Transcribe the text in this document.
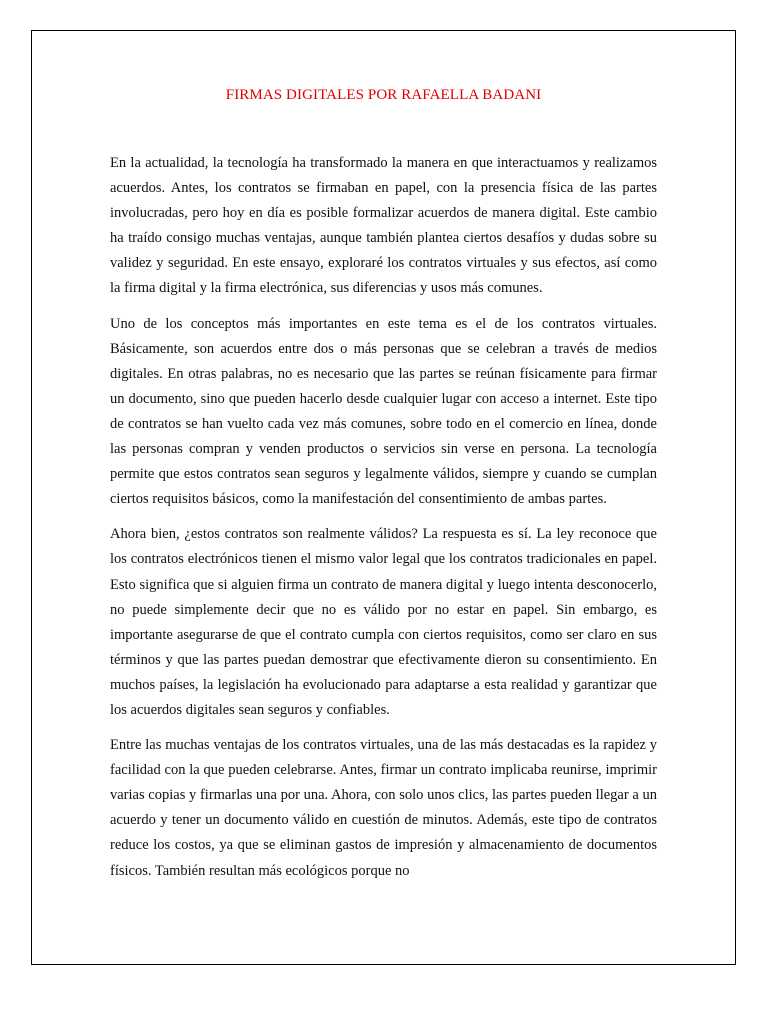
FIRMAS DIGITALES POR RAFAELLA BADANI

En la actualidad, la tecnología ha transformado la manera en que interactuamos y realizamos acuerdos. Antes, los contratos se firmaban en papel, con la presencia física de las partes involucradas, pero hoy en día es posible formalizar acuerdos de manera digital. Este cambio ha traído consigo muchas ventajas, aunque también plantea ciertos desafíos y dudas sobre su validez y seguridad. En este ensayo, exploraré los contratos virtuales y sus efectos, así como la firma digital y la firma electrónica, sus diferencias y usos más comunes.

Uno de los conceptos más importantes en este tema es el de los contratos virtuales. Básicamente, son acuerdos entre dos o más personas que se celebran a través de medios digitales. En otras palabras, no es necesario que las partes se reúnan físicamente para firmar un documento, sino que pueden hacerlo desde cualquier lugar con acceso a internet. Este tipo de contratos se han vuelto cada vez más comunes, sobre todo en el comercio en línea, donde las personas compran y venden productos o servicios sin verse en persona. La tecnología permite que estos contratos sean seguros y legalmente válidos, siempre y cuando se cumplan ciertos requisitos básicos, como la manifestación del consentimiento de ambas partes.

Ahora bien, ¿estos contratos son realmente válidos? La respuesta es sí. La ley reconoce que los contratos electrónicos tienen el mismo valor legal que los contratos tradicionales en papel. Esto significa que si alguien firma un contrato de manera digital y luego intenta desconocerlo, no puede simplemente decir que no es válido por no estar en papel. Sin embargo, es importante asegurarse de que el contrato cumpla con ciertos requisitos, como ser claro en sus términos y que las partes puedan demostrar que efectivamente dieron su consentimiento. En muchos países, la legislación ha evolucionado para adaptarse a esta realidad y garantizar que los acuerdos digitales sean seguros y confiables.

Entre las muchas ventajas de los contratos virtuales, una de las más destacadas es la rapidez y facilidad con la que pueden celebrarse. Antes, firmar un contrato implicaba reunirse, imprimir varias copias y firmarlas una por una. Ahora, con solo unos clics, las partes pueden llegar a un acuerdo y tener un documento válido en cuestión de minutos. Además, este tipo de contratos reduce los costos, ya que se eliminan gastos de impresión y almacenamiento de documentos físicos. También resultan más ecológicos porque no
